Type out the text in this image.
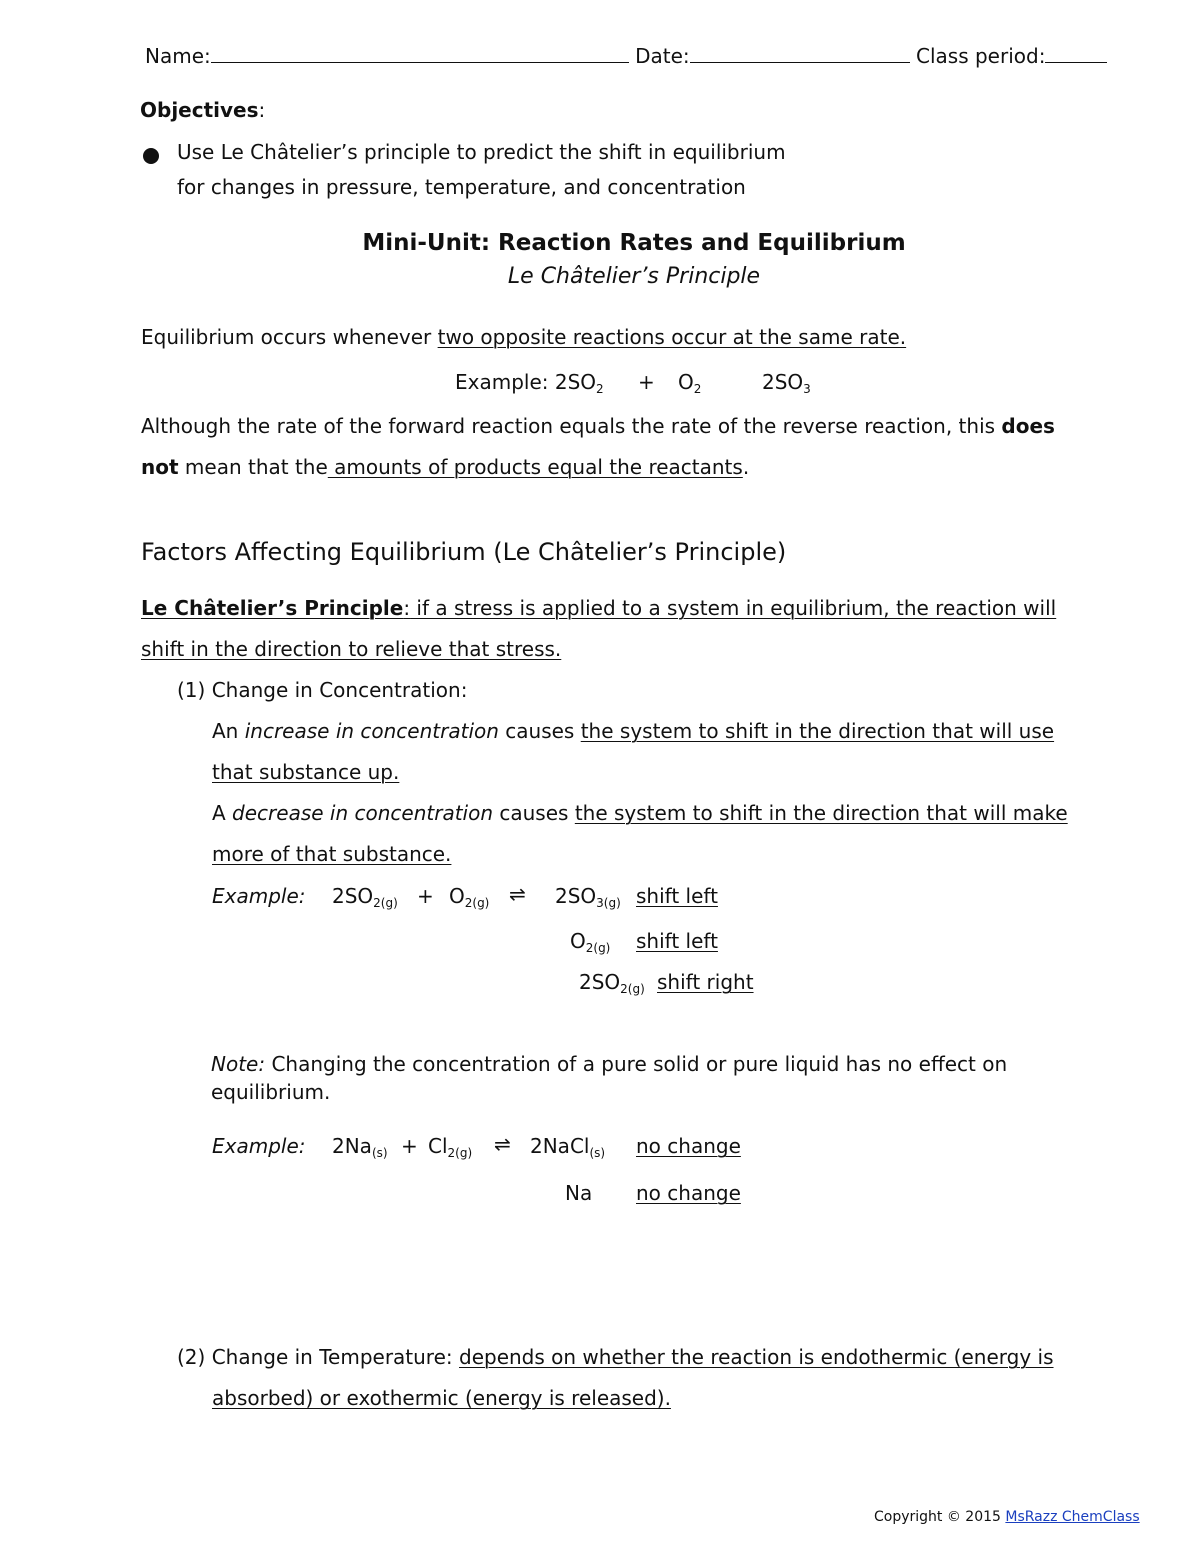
Name:	Date:	Class period:
Objectives:
Use Le Châtelier’s principle to predict the shift in equilibrium
for changes in pressure, temperature, and concentration
Mini-Unit: Reaction Rates and Equilibrium
Le Châtelier’s Principle
Equilibrium occurs whenever two opposite reactions occur at the same rate.
Example: $2SO_2 + O_2$	$2SO_3$
Although the rate of the forward reaction equals the rate of the reverse reaction, this does
not mean that the amounts of products equal the reactants.
Factors Affecting Equilibrium (Le Châtelier’s Principle)
Le Châtelier’s Principle: if a stress is applied to a system in equilibrium, the reaction will
shift in the direction to relieve that stress.
(1) Change in Concentration:
An increase in concentration causes the system to shift in the direction that will use
that substance up.
A decrease in concentration causes the system to shift in the direction that will make
more of that substance.
Example: $2SO_{2(g)} + O_{2(g)}$ ⇌ $2SO_{3(g)}$ shift left
$O_{2(g)}$ shift left
$2SO_{2(g)}$ shift right
Note: Changing the concentration of a pure solid or pure liquid has no effect on
equilibrium.
Example: $2Na_{(s)} + Cl_{2(g)}$ ⇌ 2NaCl$_{(s)}$ no change
Na no change
(2) Change in Temperature: depends on whether the reaction is endothermic (energy is
absorbed) or exothermic (energy is released).
Copyright © 2015 MsRazz ChemClass
